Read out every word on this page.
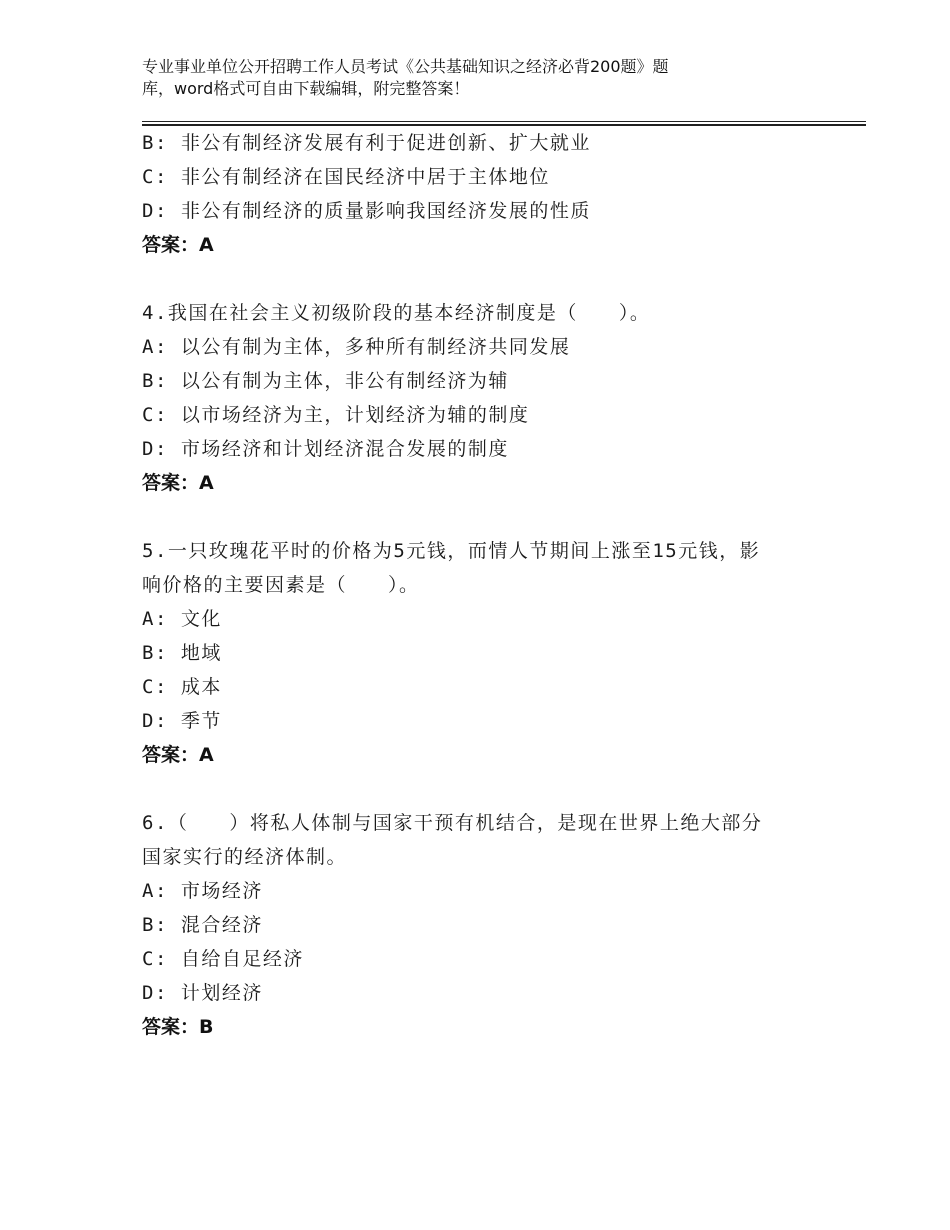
专业事业单位公开招聘工作人员考试《公共基础知识之经济必背200题》题
库，word格式可自由下载编辑，附完整答案！
B: 非公有制经济发展有利于促进创新、扩大就业
C: 非公有制经济在国民经济中居于主体地位
D: 非公有制经济的质量影响我国经济发展的性质
答案：A
4.我国在社会主义初级阶段的基本经济制度是（　　）。
A: 以公有制为主体，多种所有制经济共同发展
B: 以公有制为主体，非公有制经济为辅
C: 以市场经济为主，计划经济为辅的制度
D: 市场经济和计划经济混合发展的制度
答案：A
5.一只玫瑰花平时的价格为5元钱，而情人节期间上涨至15元钱，影
响价格的主要因素是（　　）。
A: 文化
B: 地域
C: 成本
D: 季节
答案：A
6.（　　）将私人体制与国家干预有机结合，是现在世界上绝大部分
国家实行的经济体制。
A: 市场经济
B: 混合经济
C: 自给自足经济
D: 计划经济
答案：B
